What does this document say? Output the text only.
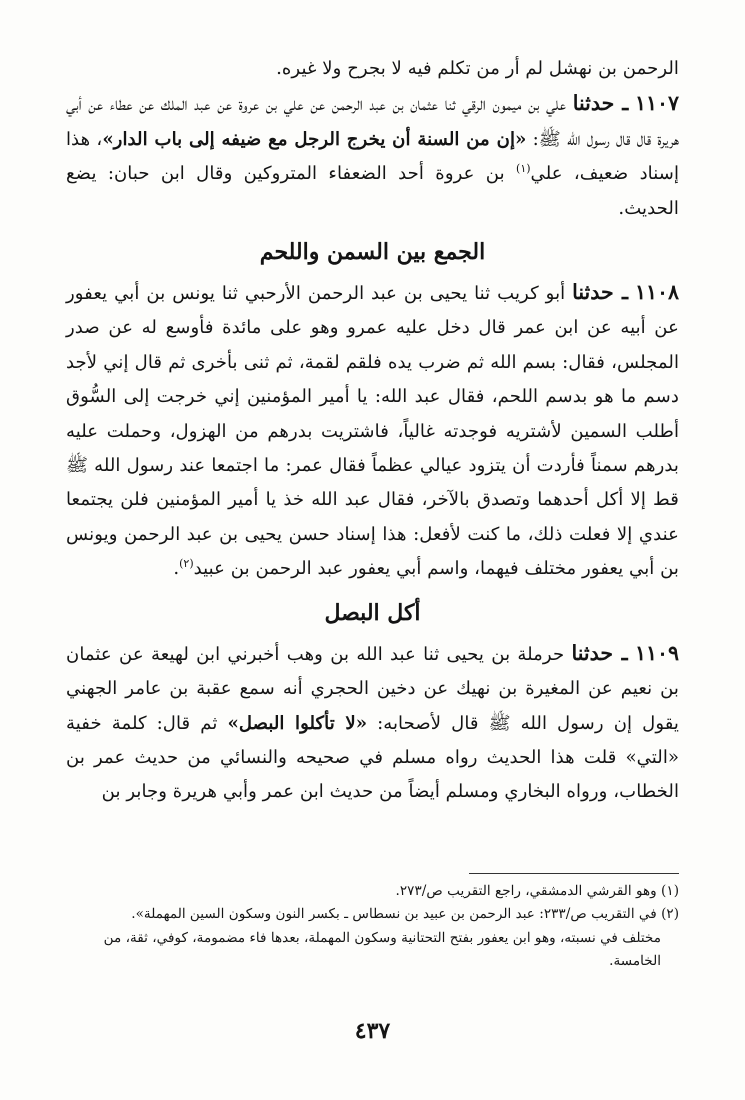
الرحمن بن نهشل لم أر من تكلم فيه لا بجرح ولا غيره.

١١٠٧ ـ حدثنا علي بن ميمون الرقي ثنا عثمان بن عبد الرحمن عن علي بن عروة عن عبد الملك عن عطاء عن أبي هريرة قال قال رسول الله ﷺ: «إن من السنة أن يخرج الرجل مع ضيفه إلى باب الدار»، هذا إسناد ضعيف، علي$^{(١)}$ بن عروة أحد الضعفاء المتروكين وقال ابن حبان: يضع الحديث.

الجمع بين السمن واللحم

١١٠٨ ـ حدثنا أبو كريب ثنا يحيى بن عبد الرحمن الأرحبي ثنا يونس بن أبي يعفور عن أبيه عن ابن عمر قال دخل عليه عمرو وهو على مائدة فأوسع له عن صدر المجلس، فقال: بسم الله ثم ضرب يده فلقم لقمة، ثم ثنى بأخرى ثم قال إني لأجد دسم ما هو بدسم اللحم، فقال عبد الله: يا أمير المؤمنين إني خرجت إلى السُّوق أطلب السمين لأشتريه فوجدته غالياً، فاشتريت بدرهم من الهزول، وحملت عليه بدرهم سمناً فأردت أن يتزود عيالي عظماً فقال عمر: ما اجتمعا عند رسول الله ﷺ قط إلا أكل أحدهما وتصدق بالآخر، فقال عبد الله خذ يا أمير المؤمنين فلن يجتمعا عندي إلا فعلت ذلك، ما كنت لأفعل: هذا إسناد حسن يحيى بن عبد الرحمن ويونس بن أبي يعفور مختلف فيهما، واسم أبي يعفور عبد الرحمن بن عبيد$^{(٢)}$.

أكل البصل

١١٠٩ ـ حدثنا حرملة بن يحيى ثنا عبد الله بن وهب أخبرني ابن لهيعة عن عثمان بن نعيم عن المغيرة بن نهيك عن دخين الحجري أنه سمع عقبة بن عامر الجهني يقول إن رسول الله ﷺ قال لأصحابه: «لا تأكلوا البصل» ثم قال: كلمة خفية «التي» قلت هذا الحديث رواه مسلم في صحيحه والنسائي من حديث عمر بن الخطاب، ورواه البخاري ومسلم أيضاً من حديث ابن عمر وأبي هريرة وجابر بن

(١) وهو القرشي الدمشقي، راجع التقريب ص/٢٧٣.

(٢) في التقريب ص/٢٣٣: عبد الرحمن بن عبيد بن نسطاس ـ بكسر النون وسكون السين المهملة».

مختلف في نسبته، وهو ابن يعفور بفتح التحتانية وسكون المهملة، بعدها فاء مضمومة، كوفي، ثقة، من الخامسة.

٤٣٧
